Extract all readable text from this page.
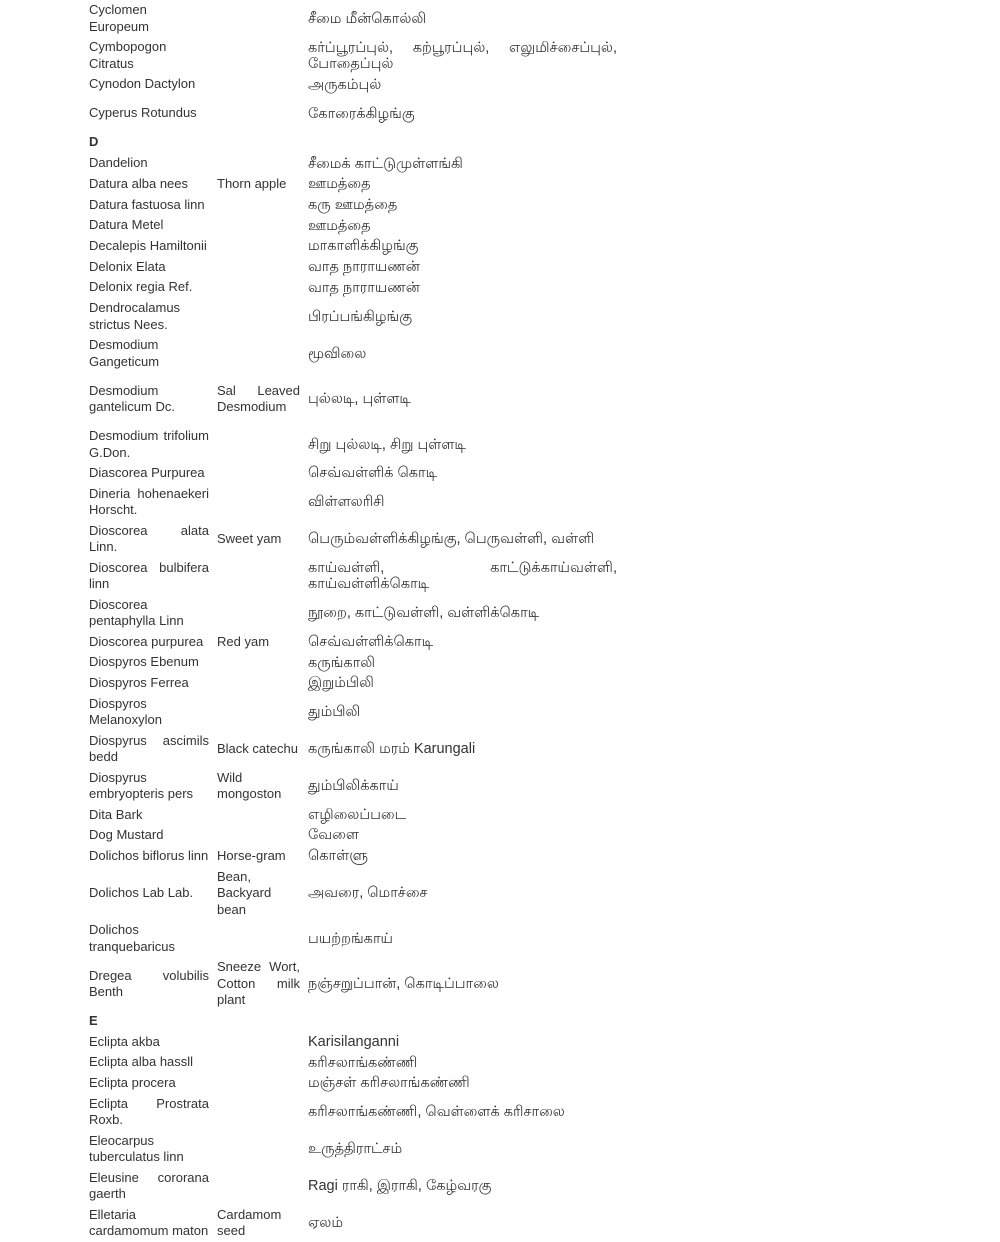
Cyclomen Europeum		சீமை மீன்கொல்லி
Cymbopogon Citratus		கர்ப்பூரப்புல், கற்பூரப்புல், எலுமிச்சைப்புல், போதைப்புல்
Cynodon Dactylon		அருகம்புல்
Cyperus Rotundus		கோரைக்கிழங்கு
D		
Dandelion		சீமைக் காட்டுமுள்ளங்கி
Datura alba nees	Thorn apple	ஊமத்தை
Datura fastuosa linn		கரு ஊமத்தை
Datura Metel		ஊமத்தை
Decalepis Hamiltonii		மாகாளிக்கிழங்கு
Delonix Elata		வாத நாராயணன்
Delonix regia Ref.		வாத நாராயணன்
Dendrocalamus strictus Nees.		பிரப்பங்கிழங்கு
Desmodium Gangeticum		மூவிலை
Desmodium gantelicum Dc.	Sal Leaved Desmodium	புல்லடி, புள்ளடி
Desmodium trifolium G.Don.		சிறு புல்லடி, சிறு புள்ளடி
Diascorea Purpurea		செவ்வள்ளிக் கொடி
Dineria hohenaekeri Horscht.		விள்ளலரிசி
Dioscorea alata Linn.	Sweet yam	பெரும்வள்ளிக்கிழங்கு, பெருவள்ளி, வள்ளி
Dioscorea bulbifera linn		காய்வள்ளி, காட்டுக்காய்வள்ளி, காய்வள்ளிக்கொடி
Dioscorea pentaphylla Linn		நூறை, காட்டுவள்ளி, வள்ளிக்கொடி
Dioscorea purpurea	Red yam	செவ்வள்ளிக்கொடி
Diospyros Ebenum		கருங்காலி
Diospyros Ferrea		இறும்பிலி
Diospyros Melanoxylon		தும்பிலி
Diospyrus ascimils bedd	Black catechu	கருங்காலி மரம் Karungali
Diospyrus embryopteris pers	Wild mongoston	தும்பிலிக்காய்
Dita Bark		எழிலைப்படை
Dog Mustard		வேளை
Dolichos biflorus linn	Horse-gram	கொள்ளு
Dolichos Lab Lab.	Bean, Backyard bean	அவரை, மொச்சை
Dolichos tranquebaricus		பயற்றங்காய்
Dregea volubilis Benth	Sneeze Wort, Cotton milk plant	நஞ்சறுப்பான், கொடிப்பாலை
E		
Eclipta akba		Karisilanganni
Eclipta alba hassll		கரிசலாங்கண்ணி
Eclipta procera		மஞ்சள் கரிசலாங்கண்ணி
Eclipta Prostrata Roxb.		கரிசலாங்கண்ணி, வெள்ளைக் கரிசாலை
Eleocarpus tuberculatus linn		உருத்திராட்சம்
Eleusine cororana gaerth		Ragi ராகி, இராகி, கேழ்வரகு
Elletaria cardamomum maton	Cardamom seed	ஏலம்
